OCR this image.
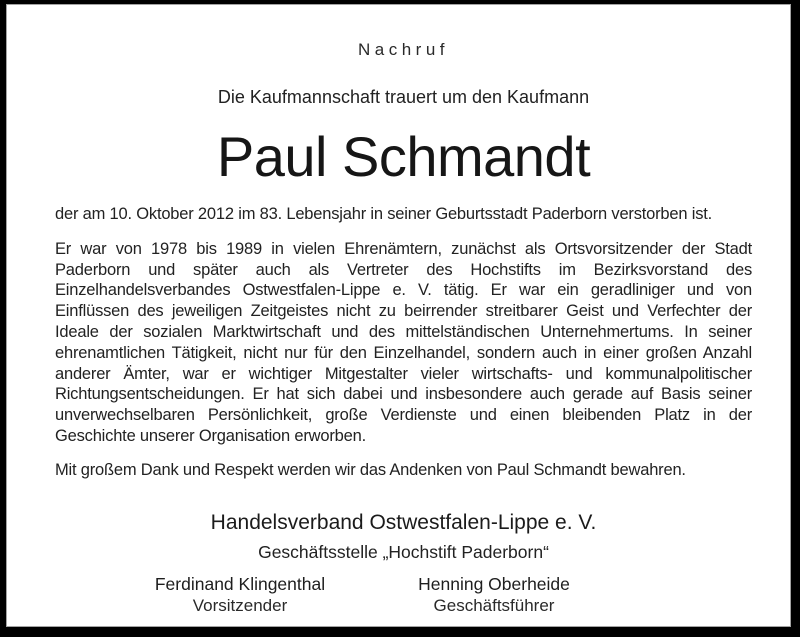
Nachruf
Die Kaufmannschaft trauert um den Kaufmann
Paul Schmandt
der am 10. Oktober 2012 im 83. Lebensjahr in seiner Geburtsstadt Paderborn verstorben ist.
Er war von 1978 bis 1989 in vielen Ehrenämtern, zunächst als Ortsvorsitzender der Stadt Paderborn und später auch als Vertreter des Hochstifts im Bezirksvorstand des Einzelhandelsverbandes Ostwestfalen-Lippe e. V. tätig. Er war ein geradliniger und von Einflüssen des jeweiligen Zeitgeistes nicht zu beirrender streitbarer Geist und Verfechter der Ideale der sozialen Marktwirtschaft und des mittelständischen Unternehmertums. In seiner ehrenamtlichen Tätigkeit, nicht nur für den Einzelhandel, sondern auch in einer großen Anzahl anderer Ämter, war er wichtiger Mitgestalter vieler wirtschafts- und kommunalpolitischer Richtungsentscheidungen. Er hat sich dabei und insbesondere auch gerade auf Basis seiner unverwechselbaren Persönlichkeit, große Verdienste und einen bleibenden Platz in der Geschichte unserer Organisation erworben.
Mit großem Dank und Respekt werden wir das Andenken von Paul Schmandt bewahren.
Handelsverband Ostwestfalen-Lippe e. V.
Geschäftsstelle „Hochstift Paderborn“
Ferdinand Klingenthal
Vorsitzender
Henning Oberheide
Geschäftsführer
